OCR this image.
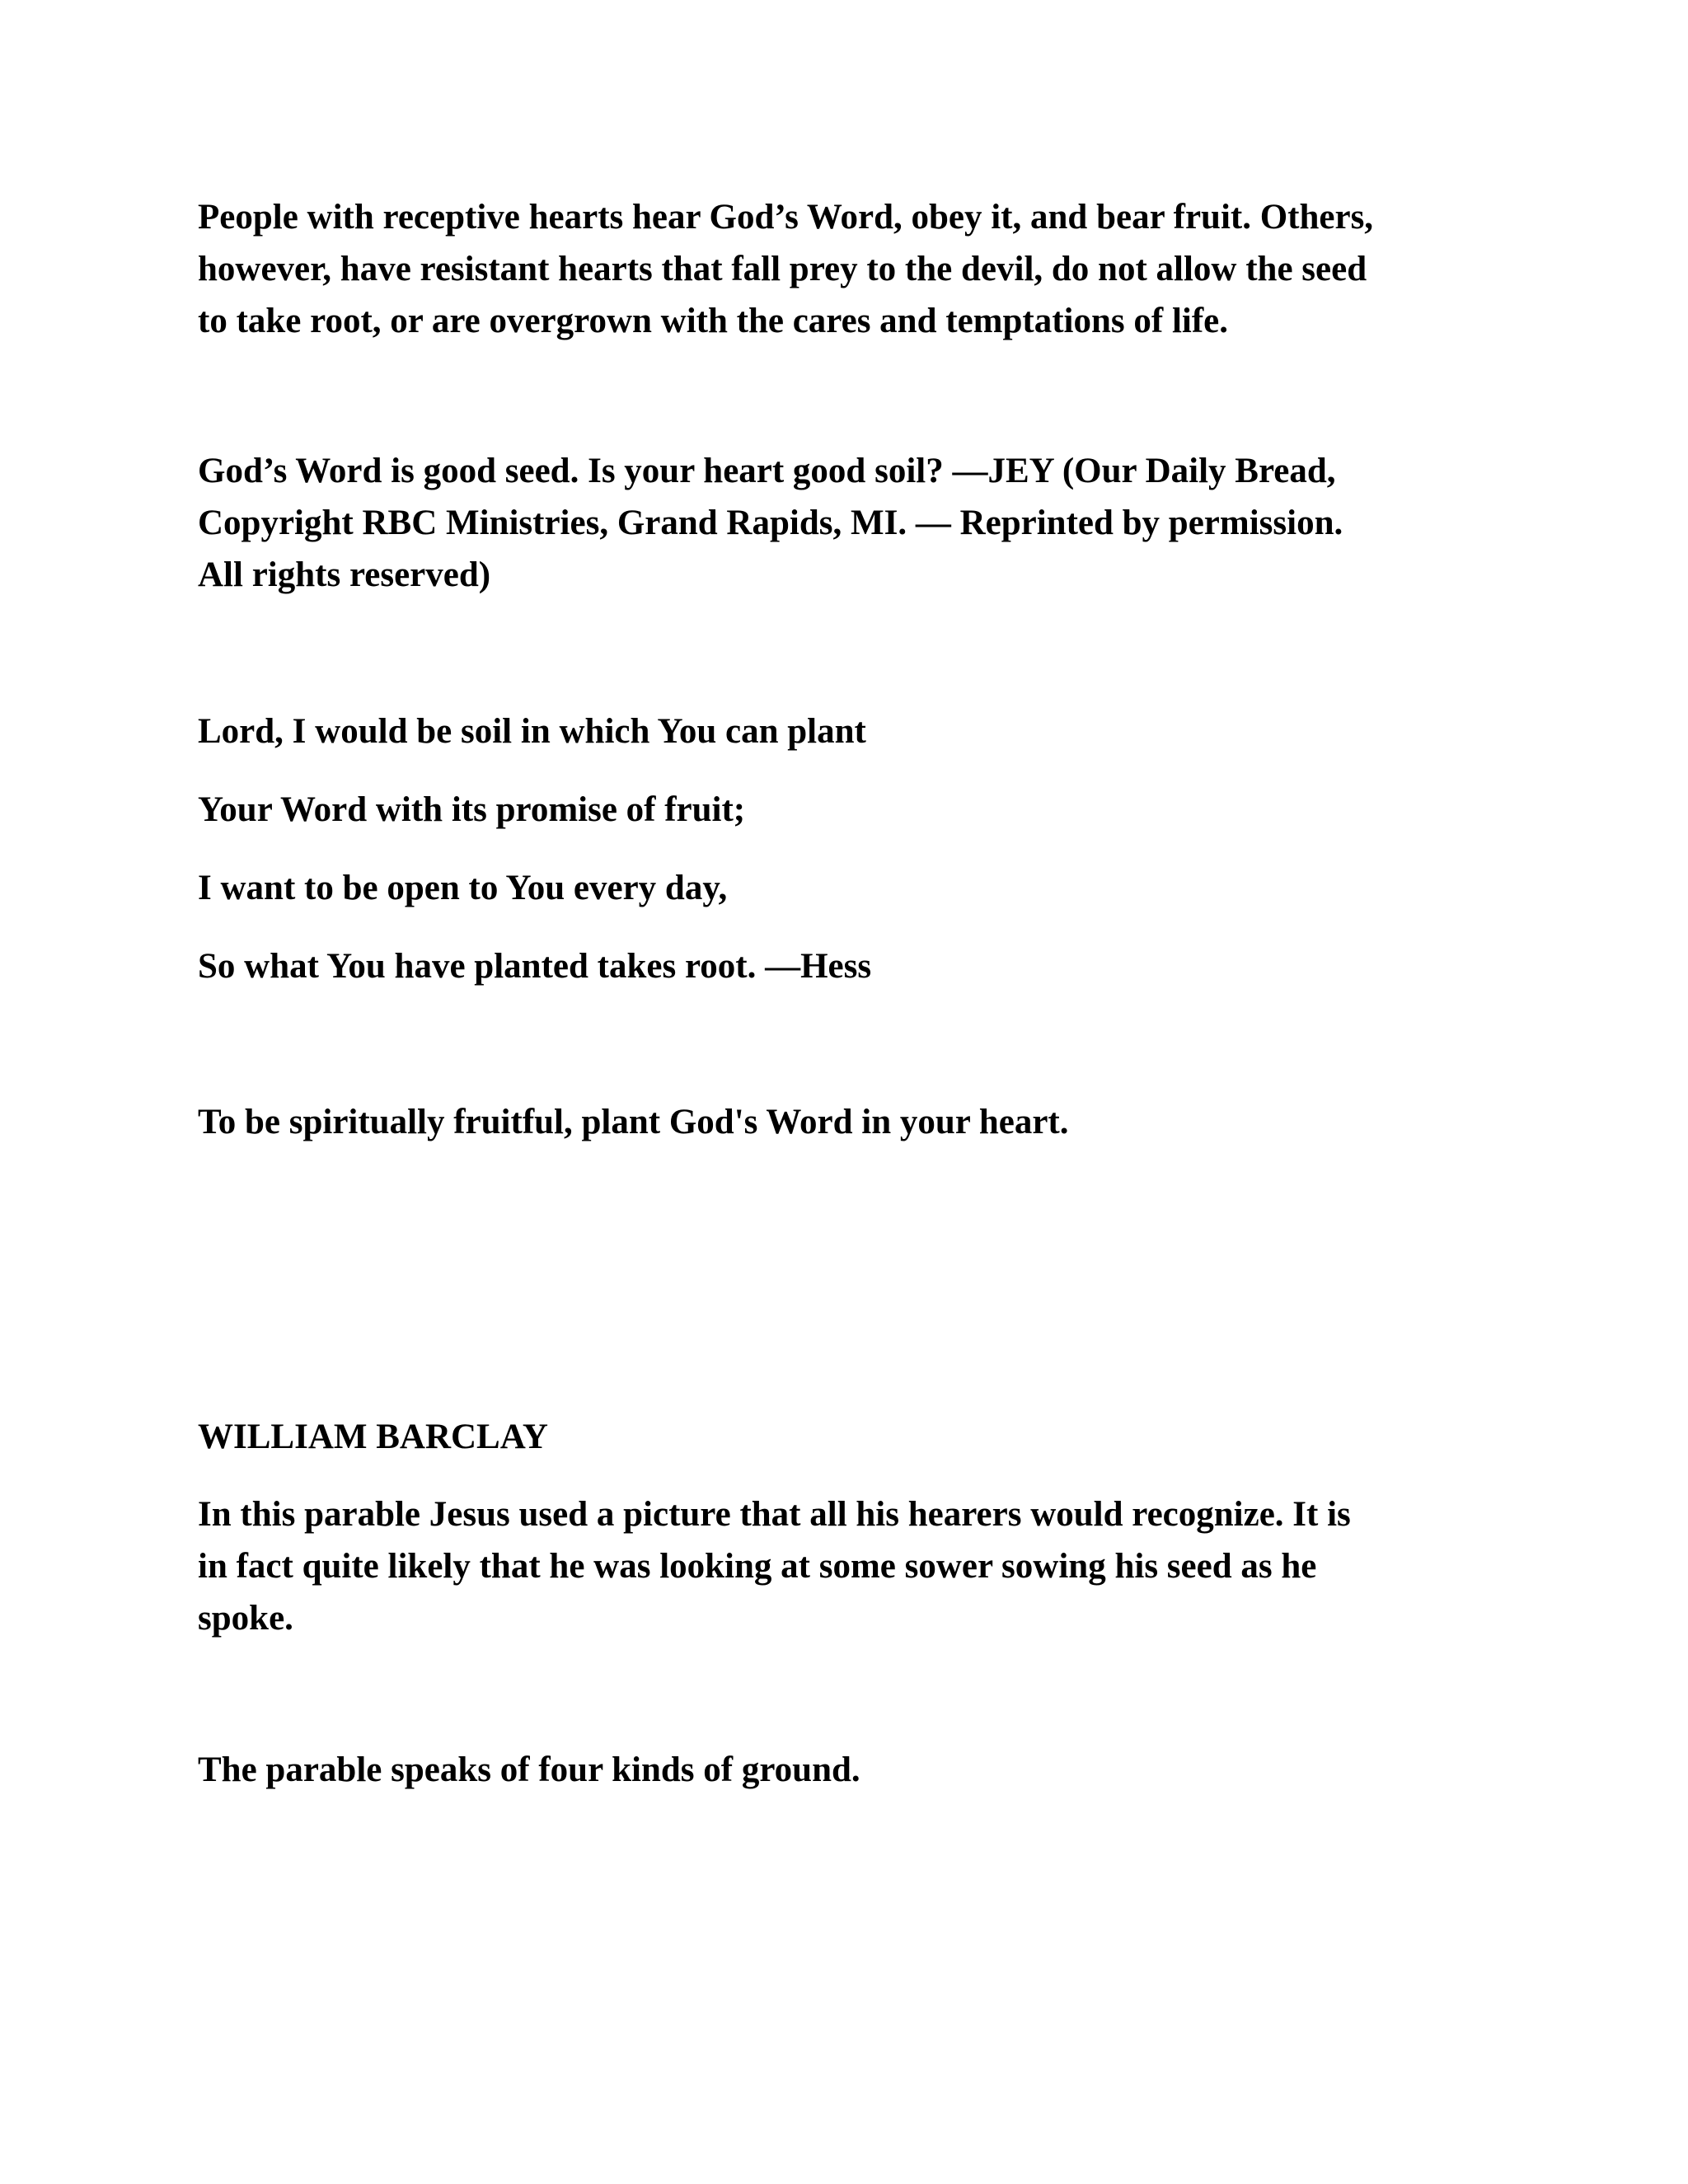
People with receptive hearts hear God’s Word, obey it, and bear fruit. Others,
however, have resistant hearts that fall prey to the devil, do not allow the seed
to take root, or are overgrown with the cares and temptations of life.

God’s Word is good seed. Is your heart good soil? —JEY (Our Daily Bread,
Copyright RBC Ministries, Grand Rapids, MI. — Reprinted by permission.
All rights reserved)

Lord, I would be soil in which You can plant

Your Word with its promise of fruit;

I want to be open to You every day,

So what You have planted takes root. —Hess

To be spiritually fruitful, plant God's Word in your heart.

WILLIAM BARCLAY

In this parable Jesus used a picture that all his hearers would recognize. It is
in fact quite likely that he was looking at some sower sowing his seed as he
spoke.

The parable speaks of four kinds of ground.
